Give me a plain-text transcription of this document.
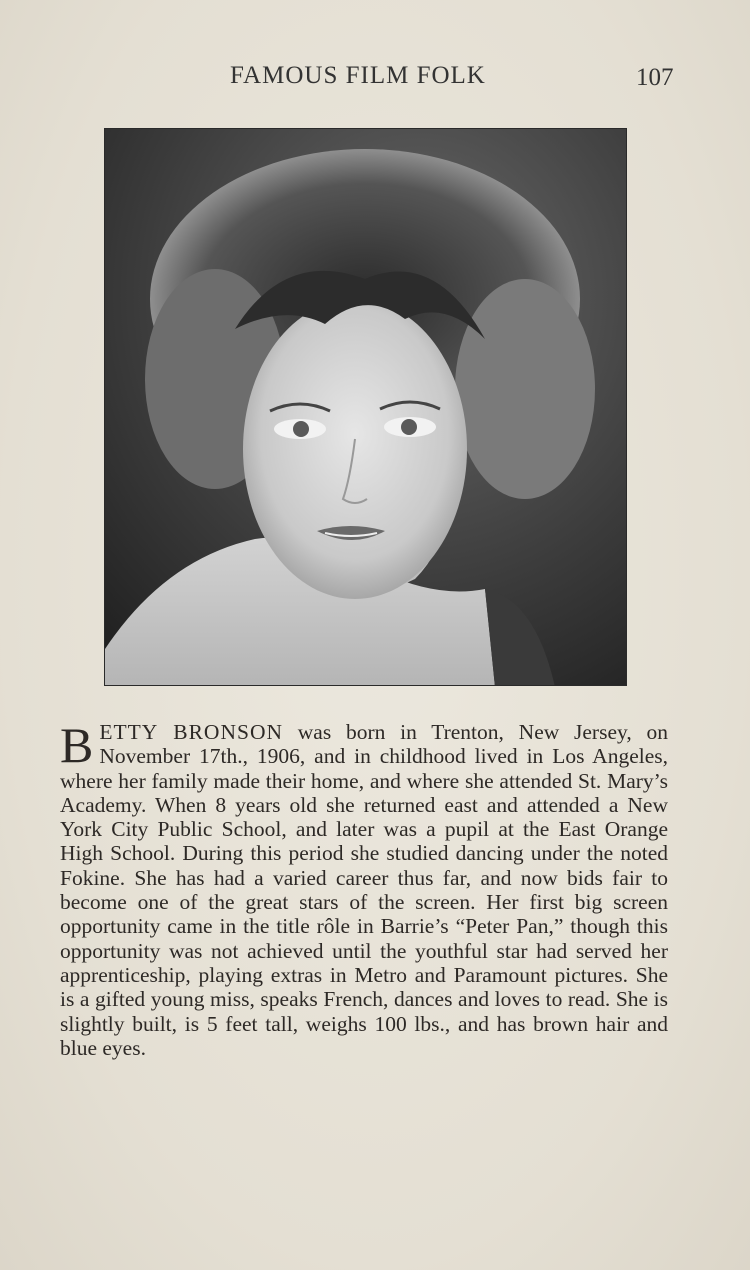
FAMOUS FILM FOLK	107
BETTY BRONSON was born in Trenton, New Jersey, on November 17th., 1906, and in childhood lived in Los Angeles, where her family made their home, and where she attended St. Mary’s Academy. When 8 years old she returned east and attended a New York City Public School, and later was a pupil at the East Orange High School. During this period she studied dancing under the noted Fokine. She has had a varied career thus far, and now bids fair to become one of the great stars of the screen. Her first big screen opportunity came in the title rôle in Barrie’s “Peter Pan,” though this opportunity was not achieved until the youthful star had served her apprenticeship, playing extras in Metro and Paramount pictures. She is a gifted young miss, speaks French, dances and loves to read. She is slightly built, is 5 feet tall, weighs 100 lbs., and has brown hair and blue eyes.
